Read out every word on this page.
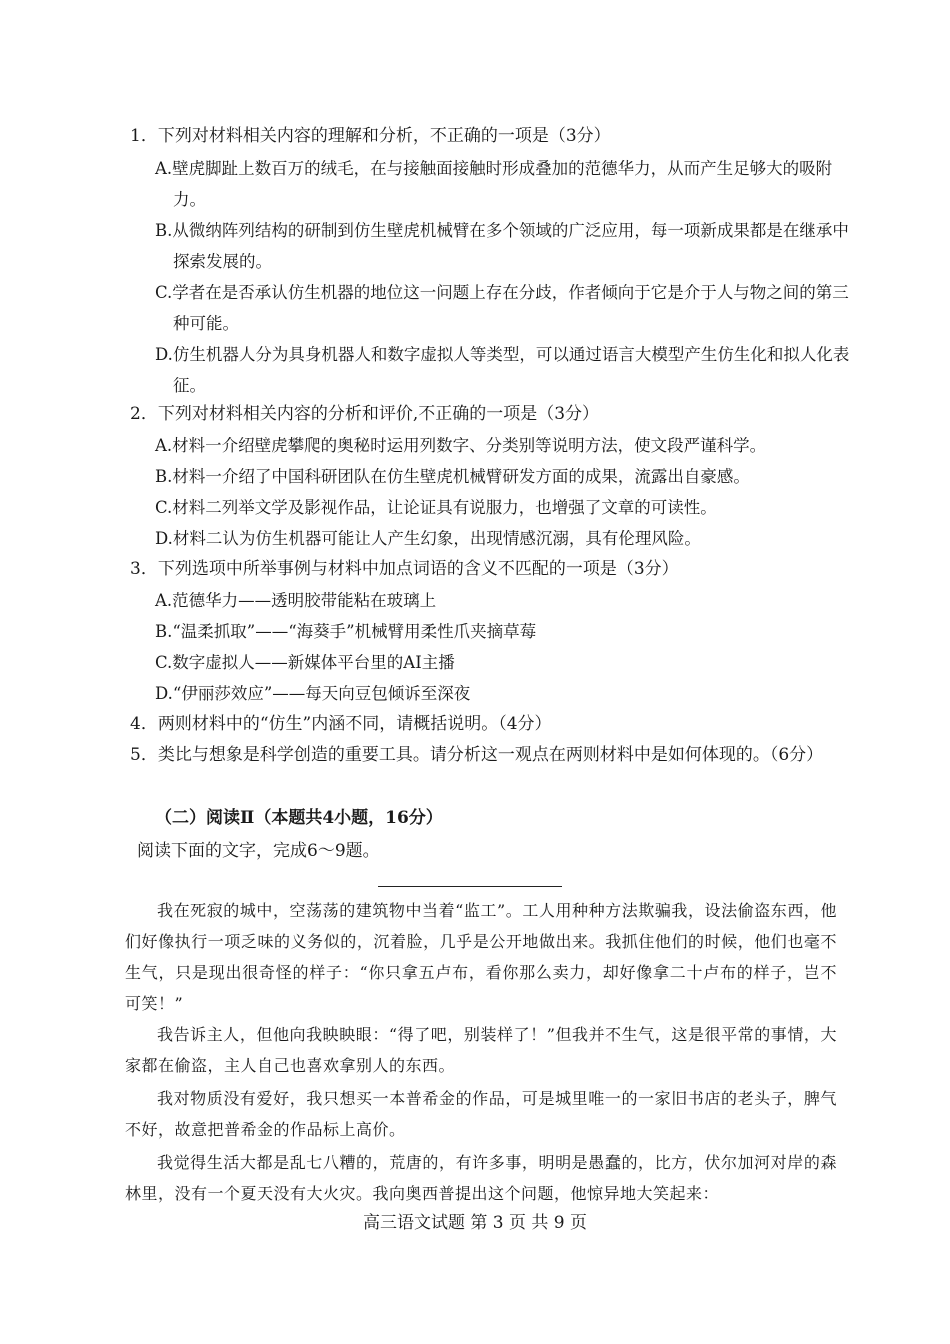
1．下列对材料相关内容的理解和分析，不正确的一项是（3分）
A.壁虎脚趾上数百万的绒毛，在与接触面接触时形成叠加的范德华力，从而产生足够大的吸附力。
B.从微纳阵列结构的研制到仿生壁虎机械臂在多个领域的广泛应用，每一项新成果都是在继承中探索发展的。
C.学者在是否承认仿生机器的地位这一问题上存在分歧，作者倾向于它是介于人与物之间的第三种可能。
D.仿生机器人分为具身机器人和数字虚拟人等类型，可以通过语言大模型产生仿生化和拟人化表征。
2．下列对材料相关内容的分析和评价,不正确的一项是（3分）
A.材料一介绍壁虎攀爬的奥秘时运用列数字、分类别等说明方法，使文段严谨科学。
B.材料一介绍了中国科研团队在仿生壁虎机械臂研发方面的成果，流露出自豪感。
C.材料二列举文学及影视作品，让论证具有说服力，也增强了文章的可读性。
D.材料二认为仿生机器可能让人产生幻象，出现情感沉溺，具有伦理风险。
3．下列选项中所举事例与材料中加点词语的含义不匹配的一项是（3分）
A.范德华力——透明胶带能粘在玻璃上
B.“温柔抓取”——“海葵手”机械臂用柔性爪夹摘草莓
C.数字虚拟人——新媒体平台里的AI主播
D.“伊丽莎效应”——每天向豆包倾诉至深夜
4．两则材料中的“仿生”内涵不同，请概括说明。（4分）
5．类比与想象是科学创造的重要工具。请分析这一观点在两则材料中是如何体现的。（6分）
（二）阅读Ⅱ（本题共4小题，16分）
阅读下面的文字，完成6～9题。
我在死寂的城中，空荡荡的建筑物中当着“监工”。工人用种种方法欺骗我，设法偷盗东西，他们好像执行一项乏味的义务似的，沉着脸，几乎是公开地做出来。我抓住他们的时候，他们也毫不生气，只是现出很奇怪的样子：“你只拿五卢布，看你那么卖力，却好像拿二十卢布的样子，岂不可笑！”
我告诉主人，但他向我眏眏眼：“得了吧，别装样了！”但我并不生气，这是很平常的事情，大家都在偷盗，主人自己也喜欢拿别人的东西。
我对物质没有爱好，我只想买一本普希金的作品，可是城里唯一的一家旧书店的老头子，脾气不好，故意把普希金的作品标上高价。
我觉得生活大都是乱七八糟的，荒唐的，有许多事，明明是愚蠢的，比方，伏尔加河对岸的森林里，没有一个夏天没有大火灾。我向奥西普提出这个问题，他惊异地大笑起来：
高三语文试题 第 3 页 共 9 页
